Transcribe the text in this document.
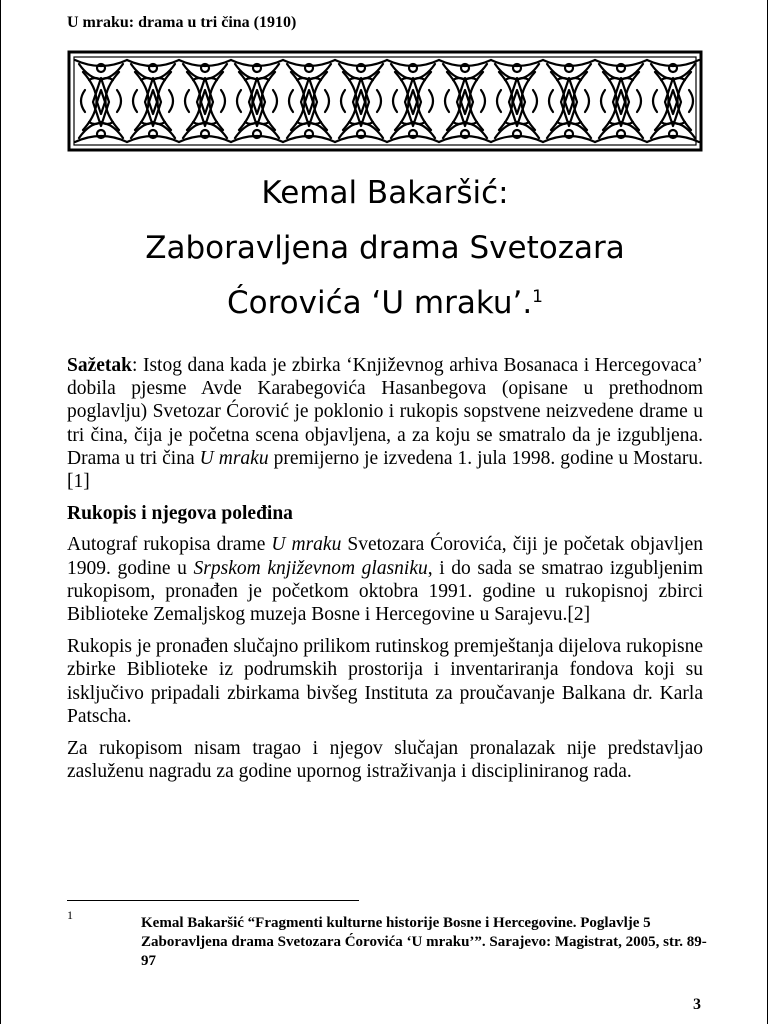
U mraku: drama u tri čina (1910)
Kemal Bakaršić:
Zaboravljena drama Svetozara
Ćorovića ‘U mraku’.$^1$

Sažetak: Istog dana kada je zbirka ‘Književnog arhiva Bosanaca i Hercegovaca’ dobila pjesme Avde Karabegovića Hasanbegova (opisane u prethodnom poglavlju) Svetozar Ćorović je poklonio i rukopis sopstvene neizvedene drame u tri čina, čija je početna scena objavljena, a za koju se smatralo da je izgubljena. Drama u tri čina U mraku premijerno je izvedena 1. jula 1998. godine u Mostaru.[1]

Rukopis i njegova poleđina

Autograf rukopisa drame U mraku Svetozara Ćorovića, čiji je početak objavljen 1909. godine u Srpskom književnom glasniku, i do sada se smatrao izgubljenim rukopisom, pronađen je početkom oktobra 1991. godine u rukopisnoj zbirci Biblioteke Zemaljskog muzeja Bosne i Hercegovine u Sarajevu.[2]

Rukopis je pronađen slučajno prilikom rutinskog premještanja dijelova rukopisne zbirke Biblioteke iz podrumskih prostorija i inventariranja fondova koji su isključivo pripadali zbirkama bivšeg Instituta za proučavanje Balkana dr. Karla Patscha.

Za rukopisom nisam tragao i njegov slučajan pronalazak nije predstavljao zasluženu nagradu za godine upornog istraživanja i discipliniranog rada.

1	Kemal Bakaršić “Fragmenti kulturne historije Bosne i Hercegovine. Poglavlje 5 Zaboravljena drama Svetozara Ćorovića ‘U mraku’”. Sarajevo: Magistrat, 2005, str. 89-97
3
